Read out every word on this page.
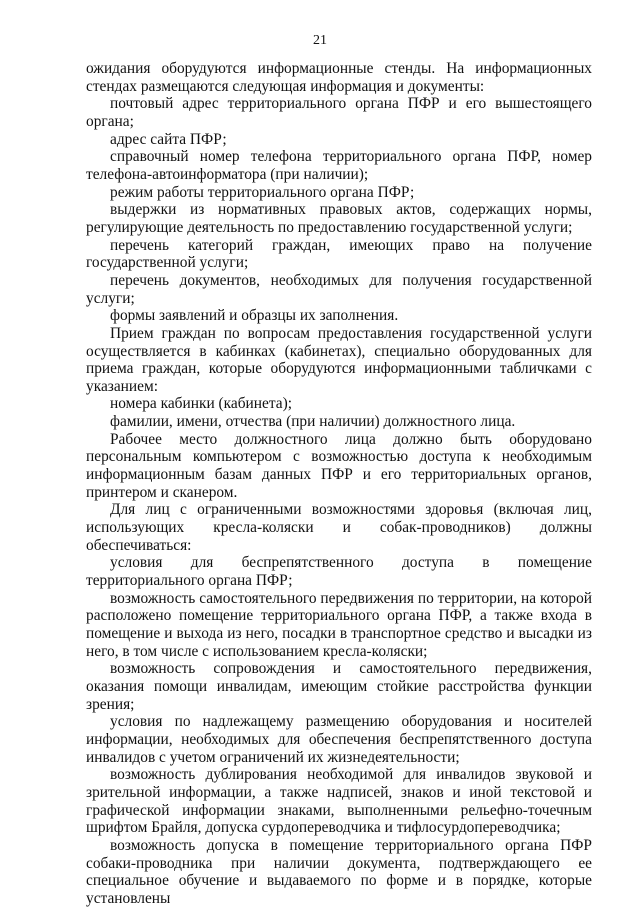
21

ожидания оборудуются информационные стенды. На информационных стендах размещаются следующая информация и документы:

почтовый адрес территориального органа ПФР и его вышестоящего органа;

адрес сайта ПФР;

справочный номер телефона территориального органа ПФР, номер телефона-автоинформатора (при наличии);

режим работы территориального органа ПФР;

выдержки из нормативных правовых актов, содержащих нормы, регулирующие деятельность по предоставлению государственной услуги;

перечень категорий граждан, имеющих право на получение государственной услуги;

перечень документов, необходимых для получения государственной услуги;

формы заявлений и образцы их заполнения.

Прием граждан по вопросам предоставления государственной услуги осуществляется в кабинках (кабинетах), специально оборудованных для приема граждан, которые оборудуются информационными табличками с указанием:

номера кабинки (кабинета);

фамилии, имени, отчества (при наличии) должностного лица.

Рабочее место должностного лица должно быть оборудовано персональным компьютером с возможностью доступа к необходимым информационным базам данных ПФР и его территориальных органов, принтером и сканером.

Для лиц с ограниченными возможностями здоровья (включая лиц, использующих кресла-коляски и собак-проводников) должны обеспечиваться:

условия для беспрепятственного доступа в помещение территориального органа ПФР;

возможность самостоятельного передвижения по территории, на которой расположено помещение территориального органа ПФР, а также входа в помещение и выхода из него, посадки в транспортное средство и высадки из него, в том числе с использованием кресла-коляски;

возможность сопровождения и самостоятельного передвижения, оказания помощи инвалидам, имеющим стойкие расстройства функции зрения;

условия по надлежащему размещению оборудования и носителей информации, необходимых для обеспечения беспрепятственного доступа инвалидов с учетом ограничений их жизнедеятельности;

возможность дублирования необходимой для инвалидов звуковой и зрительной информации, а также надписей, знаков и иной текстовой и графической информации знаками, выполненными рельефно-точечным шрифтом Брайля, допуска сурдопереводчика и тифлосурдопереводчика;

возможность допуска в помещение территориального органа ПФР собаки-проводника при наличии документа, подтверждающего ее специальное обучение и выдаваемого по форме и в порядке, которые установлены
